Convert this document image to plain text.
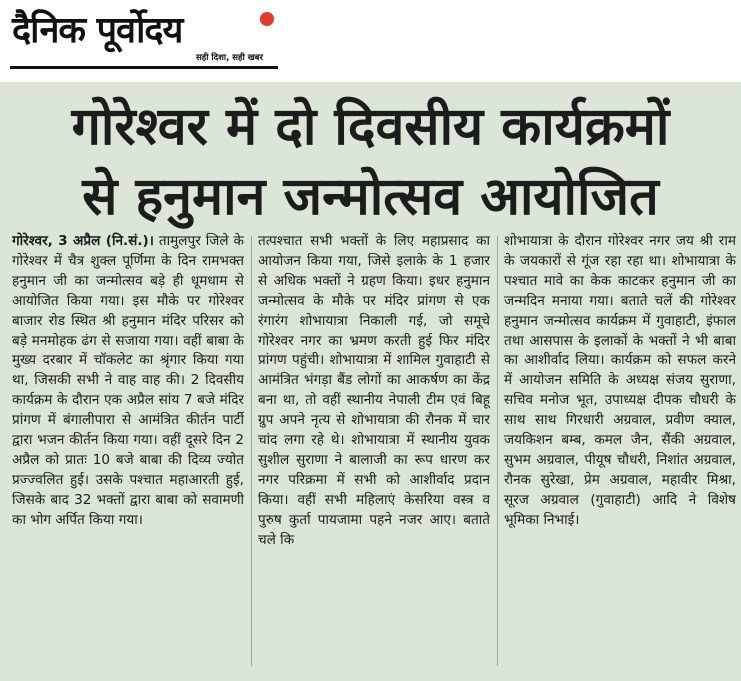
दैनिक पूर्वोदय
सही दिशा, सही खबर
गोरेश्वर में दो दिवसीय कार्यक्रमों
से हनुमान जन्मोत्सव आयोजित
गोरेश्वर, 3 अप्रैल (नि.सं.)। तामुलपुर जिले के गोरेश्वर में चैत्र शुक्ल पूर्णिमा के दिन रामभक्त हनुमान जी का जन्मोत्सव बड़े ही धूमधाम से आयोजित किया गया। इस मौके पर गोरेश्वर बाजार रोड स्थित श्री हनुमान मंदिर परिसर को बड़े मनमोहक ढंग से सजाया गया। वहीं बाबा के मुख्य दरबार में चॉकलेट का श्रृंगार किया गया था, जिसकी सभी ने वाह वाह की। 2 दिवसीय कार्यक्रम के दौरान एक अप्रैल सांय 7 बजे मंदिर प्रांगण में बंगालीपारा से आमंत्रित कीर्तन पार्टी द्वारा भजन कीर्तन किया गया। वहीं दूसरे दिन 2 अप्रैल को प्रातः 10 बजे बाबा की दिव्य ज्योत प्रज्ज्वलित हुई। उसके पश्चात महाआरती हुई, जिसके बाद 32 भक्तों द्वारा बाबा को सवामणी का भोग अर्पित किया गया।
तत्पश्चात सभी भक्तों के लिए महाप्रसाद का आयोजन किया गया, जिसे इलाके के 1 हजार से अधिक भक्तों ने ग्रहण किया। इधर हनुमान जन्मोत्सव के मौके पर मंदिर प्रांगण से एक रंगारंग शोभायात्रा निकाली गई, जो समूचे गोरेश्वर नगर का भ्रमण करती हुई फिर मंदिर प्रांगण पहुंची। शोभायात्रा में शामिल गुवाहाटी से आमंत्रित भंगड़ा बैंड लोगों का आकर्षण का केंद्र बना था, तो वहीं स्थानीय नेपाली टीम एवं बिहू ग्रुप अपने नृत्य से शोभायात्रा की रौनक में चार चांद लगा रहे थे। शोभायात्रा में स्थानीय युवक सुशील सुराणा ने बालाजी का रूप धारण कर नगर परिक्रमा में सभी को आशीर्वाद प्रदान किया। वहीं सभी महिलाएं केसरिया वस्त्र व पुरुष कुर्ता पायजामा पहने नजर आए। बताते चले कि
शोभायात्रा के दौरान गोरेश्वर नगर जय श्री राम के जयकारों से गूंज रहा रहा था। शोभायात्रा के पश्चात मावे का केक काटकर हनुमान जी का जन्मदिन मनाया गया। बताते चलें की गोरेश्वर हनुमान जन्मोत्सव कार्यक्रम में गुवाहाटी, इंफाल तथा आसपास के इलाकों के भक्तों ने भी बाबा का आशीर्वाद लिया। कार्यक्रम को सफल करने में आयोजन समिति के अध्यक्ष संजय सुराणा, सचिव मनोज भूत, उपाध्यक्ष दीपक चौधरी के साथ साथ गिरधारी अग्रवाल, प्रवीण क्याल, जयकिशन बम्ब, कमल जैन, सैंकी अग्रवाल, सुभम अग्रवाल, पीयूष चौधरी, निशांत अग्रवाल, रौनक सुरेखा, प्रेम अग्रवाल, महावीर मिश्रा, सूरज अग्रवाल (गुवाहाटी) आदि ने विशेष भूमिका निभाई।
